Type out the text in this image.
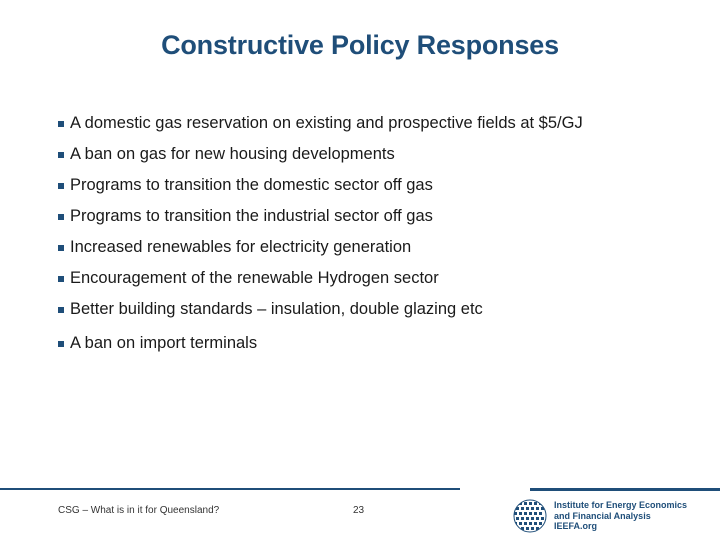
Constructive Policy Responses
A domestic gas reservation on existing and prospective fields at $5/GJ
A ban on gas for new housing developments
Programs to transition the domestic sector off gas
Programs to transition the industrial sector off gas
Increased renewables for electricity generation
Encouragement of the renewable Hydrogen sector
Better building standards – insulation, double glazing etc
A ban on import terminals
CSG – What is in it for Queensland?	23	Institute for Energy Economics
and Financial Analysis
IEEFA.org
